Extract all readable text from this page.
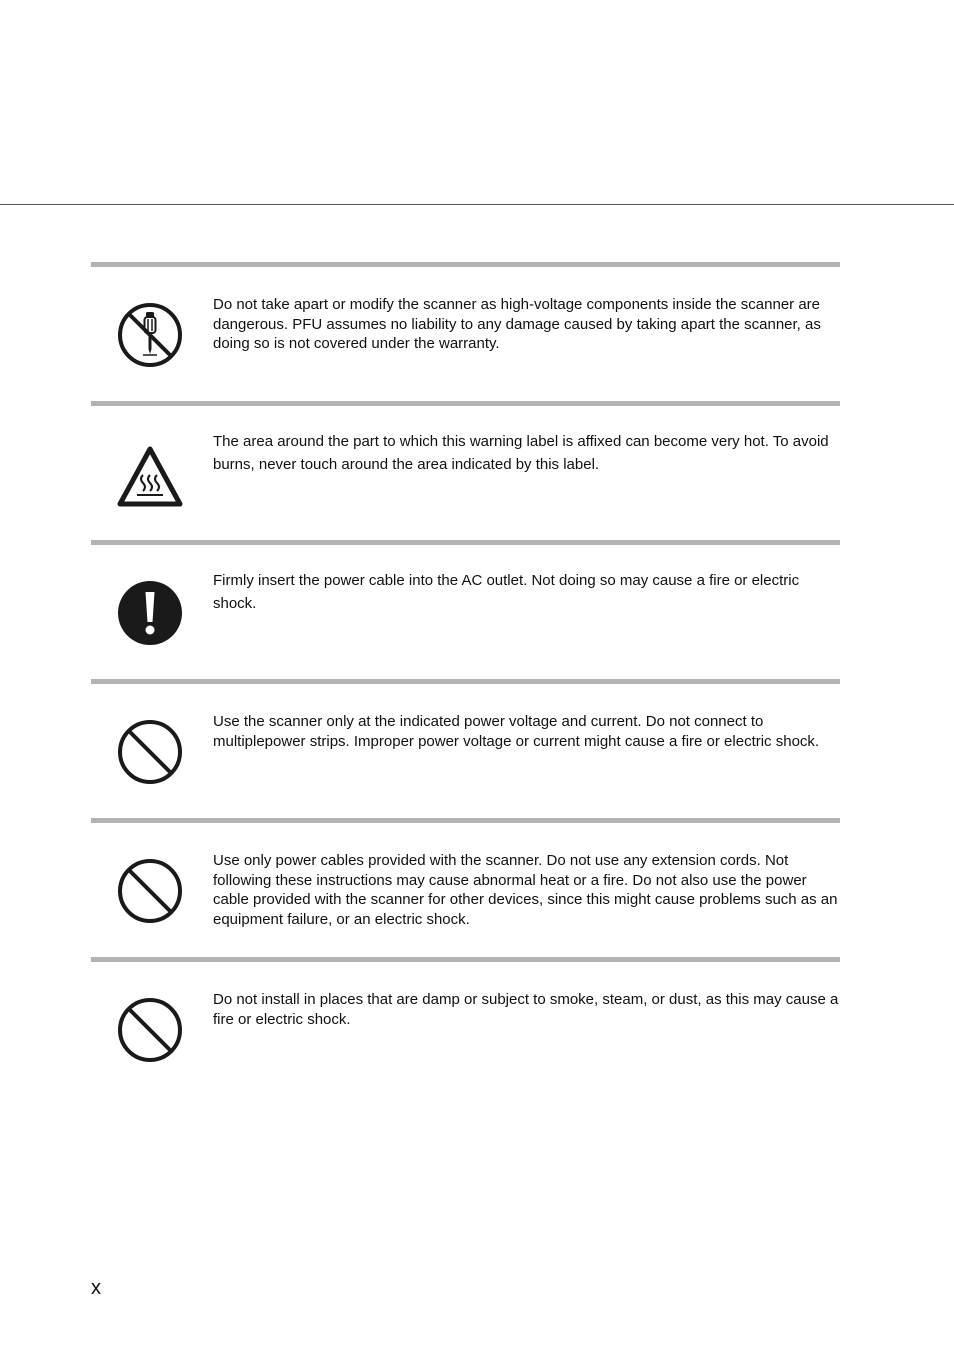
Do not take apart or modify the scanner as high-voltage components inside the scanner are dangerous. PFU assumes no liability to any damage caused by taking apart the scanner, as doing so is not covered under the warranty.

The area around the part to which this warning label is affixed can become very hot. To avoid burns, never touch around the area indicated by this label.

Firmly insert the power cable into the AC outlet. Not doing so may cause a fire or electric shock.

Use the scanner only at the indicated power voltage and current. Do not connect to multiplepower strips. Improper power voltage or current might cause a fire or electric shock.

Use only power cables provided with the scanner. Do not use any extension cords. Not following these instructions may cause abnormal heat or a fire. Do not also use the power cable provided with the scanner for other devices, since this might cause problems such as an equipment failure, or an electric shock.

Do not install in places that are damp or subject to smoke, steam, or dust, as this may cause a fire or electric shock.

x
